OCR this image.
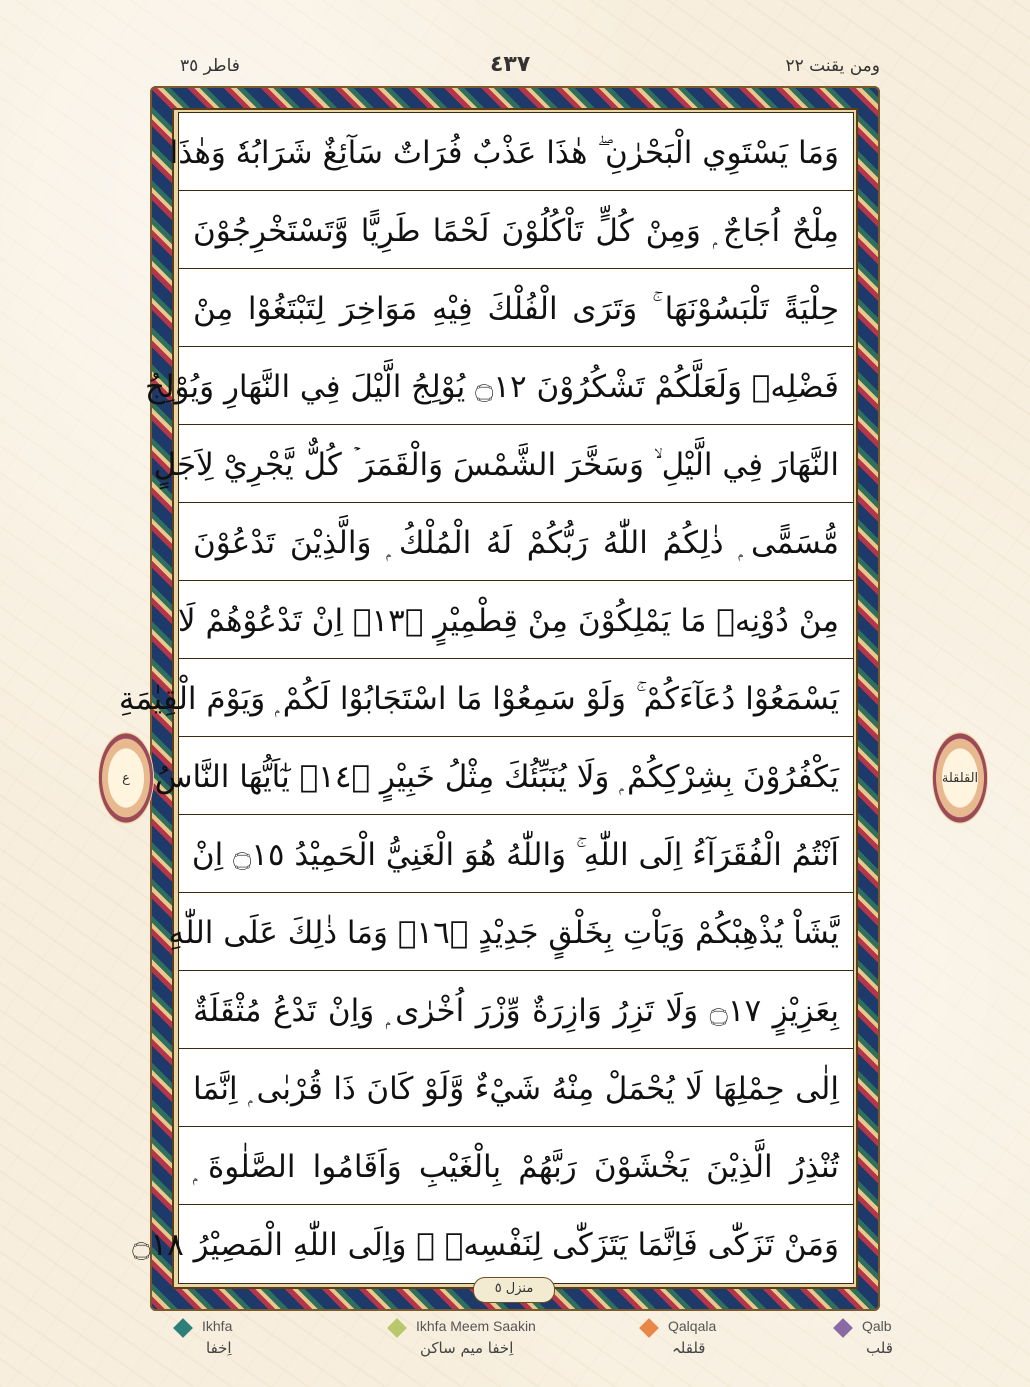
ومن يقنت ٢٢
٤٣٧
فاطر ٣٥
وَمَا يَسْتَوِي الْبَحْرٰنِ ۖ هٰذَا عَذْبٌ فُرَاتٌ سَآئِغٌ شَرَابُهٗ وَهٰذَا
مِلْحٌ اُجَاجٌ ۭ وَمِنْ كُلٍّ تَاْكُلُوْنَ لَحْمًا طَرِيًّا وَّتَسْتَخْرِجُوْنَ
حِلْيَةً تَلْبَسُوْنَهَا ۚ وَتَرَى الْفُلْكَ فِيْهِ مَوَاخِرَ لِتَبْتَغُوْا مِنْ
فَضْلِهٖ وَلَعَلَّكُمْ تَشْكُرُوْنَ ۝١٢ يُوْلِجُ الَّيْلَ فِي النَّهَارِ وَيُوْلِجُ
النَّهَارَ فِي الَّيْلِ ۙ وَسَخَّرَ الشَّمْسَ وَالْقَمَرَ ۡ كُلٌّ يَّجْرِيْ لِاَجَلٍ
مُّسَمًّى ۭ ذٰلِكُمُ اللّٰهُ رَبُّكُمْ لَهُ الْمُلْكُ ۭ وَالَّذِيْنَ تَدْعُوْنَ
مِنْ دُوْنِهٖ مَا يَمْلِكُوْنَ مِنْ قِطْمِيْرٍ ۝١٣ۭ اِنْ تَدْعُوْهُمْ لَا
يَسْمَعُوْا دُعَآءَكُمْ ۚ وَلَوْ سَمِعُوْا مَا اسْتَجَابُوْا لَكُمْ ۭ وَيَوْمَ الْقِيٰمَةِ
يَكْفُرُوْنَ بِشِرْكِكُمْ ۭ وَلَا يُنَبِّئُكَ مِثْلُ خَبِيْرٍ ۝١٤ۧ يٰٓاَيُّهَا النَّاسُ
اَنْتُمُ الْفُقَرَآءُ اِلَى اللّٰهِ ۚ وَاللّٰهُ هُوَ الْغَنِيُّ الْحَمِيْدُ ۝١٥ اِنْ
يَّشَاْ يُذْهِبْكُمْ وَيَاْتِ بِخَلْقٍ جَدِيْدٍ ۝١٦ۚ وَمَا ذٰلِكَ عَلَى اللّٰهِ
بِعَزِيْزٍ ۝١٧ وَلَا تَزِرُ وَازِرَةٌ وِّزْرَ اُخْرٰى ۭ وَاِنْ تَدْعُ مُثْقَلَةٌ
اِلٰى حِمْلِهَا لَا يُحْمَلْ مِنْهُ شَيْءٌ وَّلَوْ كَانَ ذَا قُرْبٰى ۭ اِنَّمَا
تُنْذِرُ الَّذِيْنَ يَخْشَوْنَ رَبَّهُمْ بِالْغَيْبِ وَاَقَامُوا الصَّلٰوةَ ۭ
وَمَنْ تَزَكّٰى فَاِنَّمَا يَتَزَكّٰى لِنَفْسِهٖ ۭ وَاِلَى اللّٰهِ الْمَصِيْرُ ۝١٨
ع	القلقلة
منزل ٥
Ikhfa
اِخفا
Ikhfa Meem Saakin
اِخفا میم ساکن
Qalqala
قلقلہ
Qalb
قلب
